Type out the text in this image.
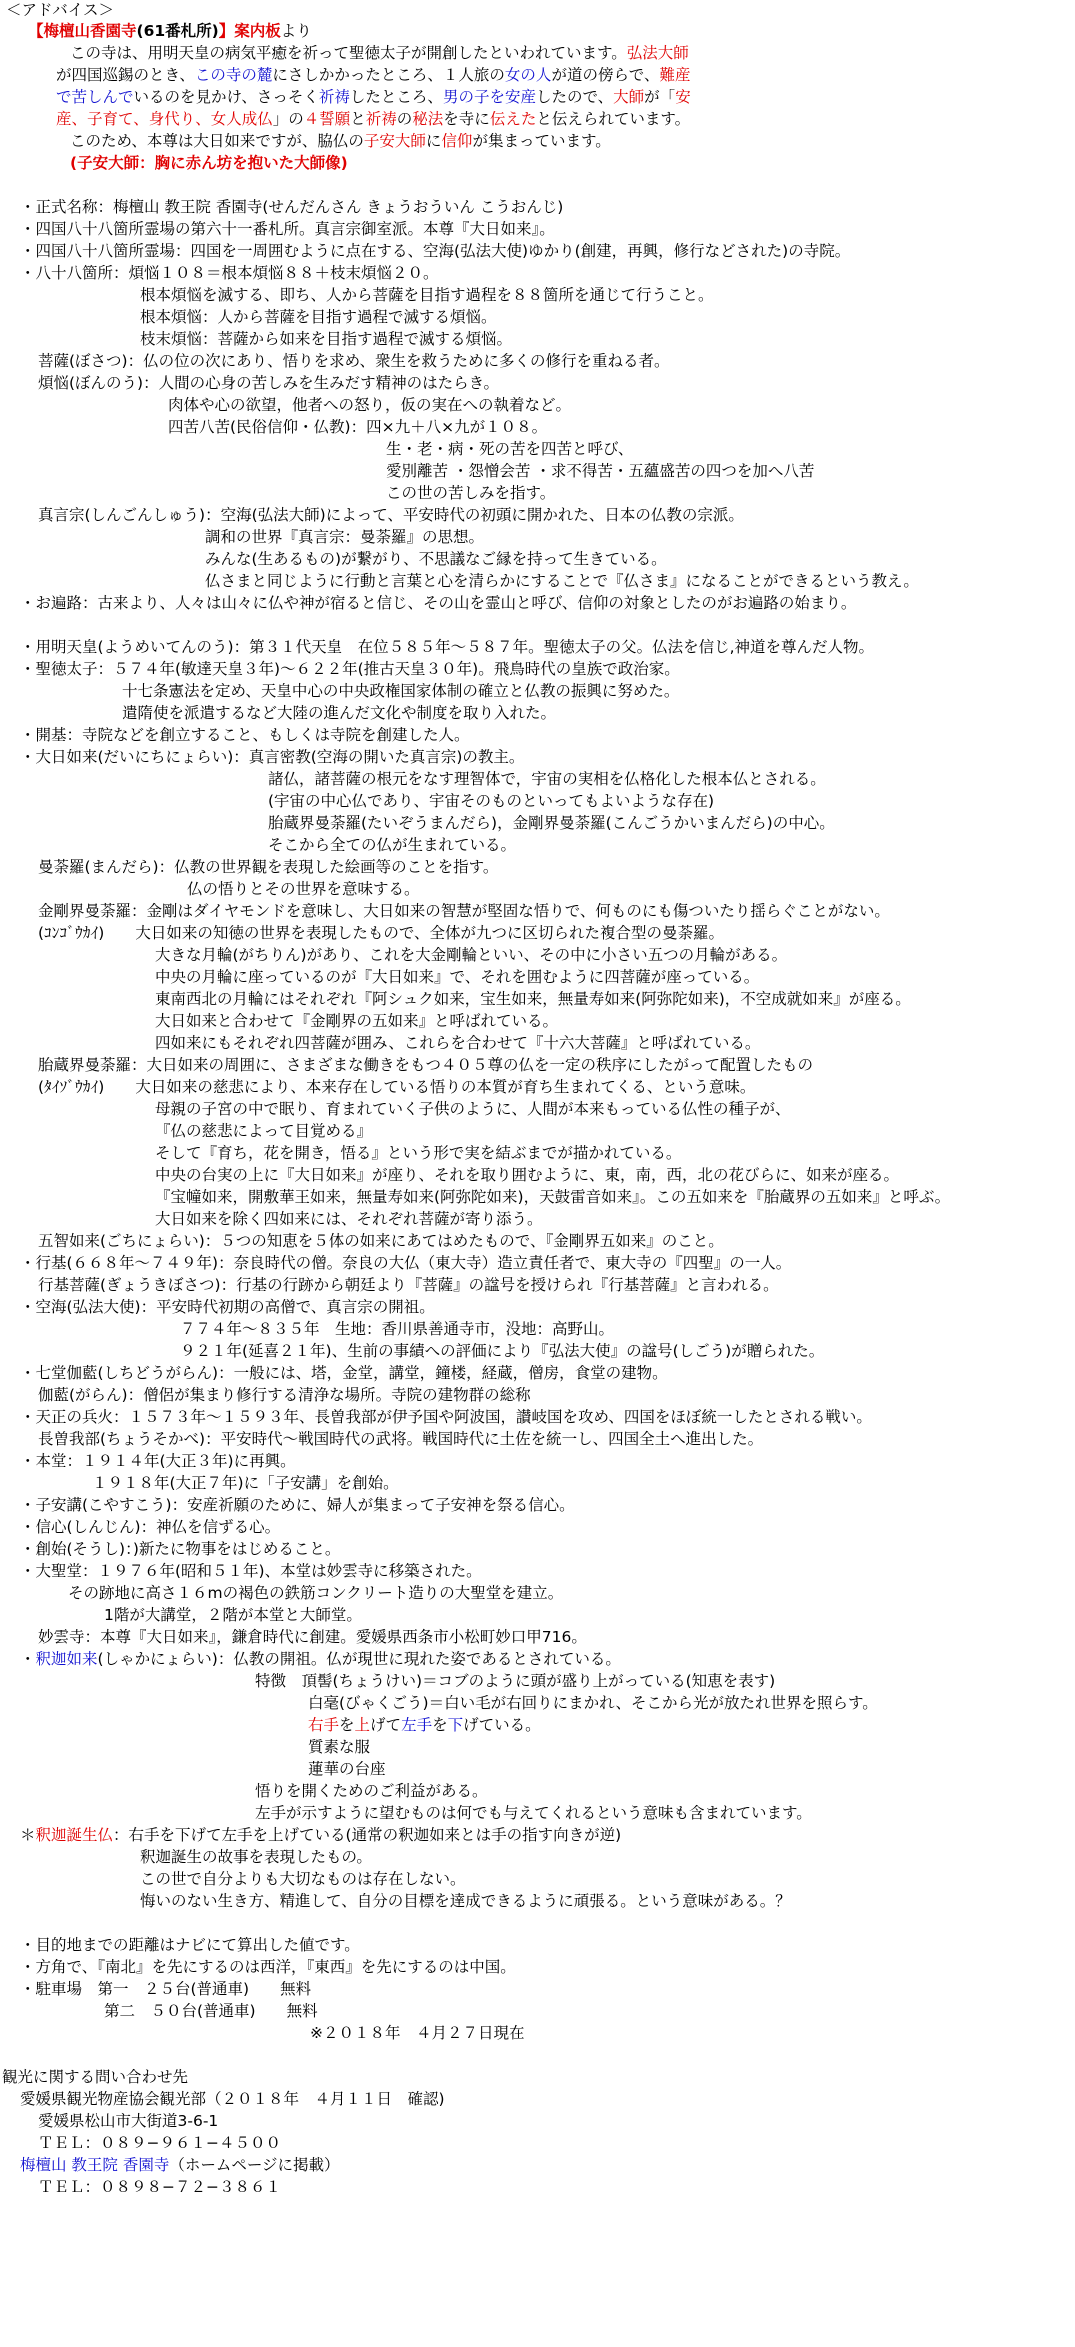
＜アドバイス＞
【梅檀山香園寺(61番札所)】案内板より
この寺は、用明天皇の病気平癒を祈って聖徳太子が開創したといわれています。弘法大師
が四国巡錫のとき、この寺の麓にさしかかったところ、１人旅の女の人が道の傍らで、難産
で苦しんでいるのを見かけ、さっそく祈祷したところ、男の子を安産したので、大師が「安
産、子育て、身代り、女人成仏」の４誓願と祈祷の秘法を寺に伝えたと伝えられています。
このため、本尊は大日如来ですが、脇仏の子安大師に信仰が集まっています。
(子安大師：胸に赤ん坊を抱いた大師像)
・正式名称：梅檀山 教王院 香園寺(せんだんさん きょうおういん こうおんじ)
・四国八十八箇所霊場の第六十一番札所。真言宗御室派。本尊『大日如来』。
・四国八十八箇所霊場：四国を一周囲むように点在する、空海(弘法大使)ゆかり(創建，再興，修行などされた)の寺院。
・八十八箇所：煩悩１０８＝根本煩悩８８＋枝末煩悩２０。
根本煩悩を滅する、即ち、人から菩薩を目指す過程を８８箇所を通じて行うこと。
根本煩悩：人から菩薩を目指す過程で滅する煩悩。
枝末煩悩：菩薩から如来を目指す過程で滅する煩悩。
菩薩(ぼさつ)：仏の位の次にあり、悟りを求め、衆生を救うために多くの修行を重ねる者。
煩悩(ぼんのう)：人間の心身の苦しみを生みだす精神のはたらき。
肉体や心の欲望，他者への怒り，仮の実在への執着など。
四苦八苦(民俗信仰・仏教)：四×九＋八×九が１０８。
生・老・病・死の苦を四苦と呼び、
愛別離苦 ・怨憎会苦 ・求不得苦・五蘊盛苦の四つを加へ八苦
この世の苦しみを指す。
真言宗(しんごんしゅう)：空海(弘法大師)によって、平安時代の初頭に開かれた、日本の仏教の宗派。
調和の世界『真言宗：曼荼羅』の思想。
みんな(生あるもの)が繋がり、不思議なご縁を持って生きている。
仏さまと同じように行動と言葉と心を清らかにすることで『仏さま』になることができるという教え。
・お遍路：古来より、人々は山々に仏や神が宿ると信じ、その山を霊山と呼び、信仰の対象としたのがお遍路の始まり。
・用明天皇(ようめいてんのう)：第３１代天皇　在位５８５年〜５８７年。聖徳太子の父。仏法を信じ,神道を尊んだ人物。
・聖徳太子：５７４年(敏達天皇３年)〜６２２年(推古天皇３０年)。飛鳥時代の皇族で政治家。
十七条憲法を定め、天皇中心の中央政権国家体制の確立と仏教の振興に努めた。
遣隋使を派遣するなど大陸の進んだ文化や制度を取り入れた。
・開基：寺院などを創立すること、もしくは寺院を創建した人。
・大日如来(だいにちにょらい)：真言密教(空海の開いた真言宗)の教主。
諸仏，諸菩薩の根元をなす理智体で，宇宙の実相を仏格化した根本仏とされる。
(宇宙の中心仏であり、宇宙そのものといってもよいような存在)
胎蔵界曼荼羅(たいぞうまんだら)，金剛界曼荼羅(こんごうかいまんだら)の中心。
そこから全ての仏が生まれている。
曼荼羅(まんだら)：仏教の世界観を表現した絵画等のことを指す。
仏の悟りとその世界を意味する。
金剛界曼荼羅：金剛はダイヤモンドを意味し、大日如来の智慧が堅固な悟りで、何ものにも傷ついたり揺らぐことがない。
(ｺﾝｺﾞｳｶｲ)　　大日如来の知徳の世界を表現したもので、全体が九つに区切られた複合型の曼荼羅。
大きな月輪(がちりん)があり、これを大金剛輪といい、その中に小さい五つの月輪がある。
中央の月輪に座っているのが『大日如来』で、それを囲むように四菩薩が座っている。
東南西北の月輪にはそれぞれ『阿シュク如来，宝生如来，無量寿如来(阿弥陀如来)，不空成就如来』が座る。
大日如来と合わせて『金剛界の五如来』と呼ばれている。
四如来にもそれぞれ四菩薩が囲み、これらを合わせて『十六大菩薩』と呼ばれている。
胎蔵界曼荼羅：大日如来の周囲に、さまざまな働きをもつ４０５尊の仏を一定の秩序にしたがって配置したもの
(ﾀｲｿﾞｳｶｲ)　　大日如来の慈悲により、本来存在している悟りの本質が育ち生まれてくる、という意味。
母親の子宮の中で眠り、育まれていく子供のように、人間が本来もっている仏性の種子が、
『仏の慈悲によって目覚める』
そして『育ち，花を開き，悟る』という形で実を結ぶまでが描かれている。
中央の台実の上に『大日如来』が座り、それを取り囲むように、東，南，西，北の花びらに、如来が座る。
『宝幢如来，開敷華王如来，無量寿如来(阿弥陀如来)，天鼓雷音如来』。この五如来を『胎蔵界の五如来』と呼ぶ。
大日如来を除く四如来には、それぞれ菩薩が寄り添う。
五智如来(ごちにょらい)：５つの知恵を５体の如来にあてはめたもので、『金剛界五如来』のこと。
・行基(６６８年〜７４９年)：奈良時代の僧。奈良の大仏（東大寺）造立責任者で、東大寺の『四聖』の一人。
行基菩薩(ぎょうきぼさつ)：行基の行跡から朝廷より『菩薩』の諡号を授けられ『行基菩薩』と言われる。
・空海(弘法大使)：平安時代初期の高僧で、真言宗の開祖。
７７４年〜８３５年　生地：香川県善通寺市，没地：高野山。
９２１年(延喜２１年)、生前の事績への評価により『弘法大使』の諡号(しごう)が贈られた。
・七堂伽藍(しちどうがらん)：一般には、塔，金堂，講堂，鐘楼，経蔵，僧房，食堂の建物。
伽藍(がらん)：僧侶が集まり修行する清浄な場所。寺院の建物群の総称
・天正の兵火：１５７３年〜１５９３年、長曽我部が伊予国や阿波国，讃岐国を攻め、四国をほぼ統一したとされる戦い。
長曽我部(ちょうそかべ)：平安時代〜戦国時代の武将。戦国時代に土佐を統一し、四国全土へ進出した。
・本堂：１９１４年(大正３年)に再興。
１９１８年(大正７年)に「子安講」を創始。
・子安講(こやすこう)：安産祈願のために、婦人が集まって子安神を祭る信心。
・信心(しんじん)：神仏を信ずる心。
・創始(そうし)：)新たに物事をはじめること。
・大聖堂：１９７６年(昭和５１年)、本堂は妙雲寺に移築された。
その跡地に高さ１６mの褐色の鉄筋コンクリート造りの大聖堂を建立。
1階が大講堂，２階が本堂と大師堂。
妙雲寺：本尊『大日如来』，鎌倉時代に創建。愛媛県西条市小松町妙口甲716。
・釈迦如来(しゃかにょらい)：仏教の開祖。仏が現世に現れた姿であるとされている。
特徴　頂髻(ちょうけい)＝コブのように頭が盛り上がっている(知恵を表す)
白毫(びゃくごう)＝白い毛が右回りにまかれ、そこから光が放たれ世界を照らす。
右手を上げて左手を下げている。
質素な服
蓮華の台座
悟りを開くためのご利益がある。
左手が示すように望むものは何でも与えてくれるという意味も含まれています。
＊釈迦誕生仏：右手を下げて左手を上げている(通常の釈迦如来とは手の指す向きが逆)
釈迦誕生の故事を表現したもの。
この世で自分よりも大切なものは存在しない。
悔いのない生き方、精進して、自分の目標を達成できるように頑張る。という意味がある。？
・目的地までの距離はナビにて算出した値です。
・方角で、『南北』を先にするのは西洋，『東西』を先にするのは中国。
・駐車場　第一　２５台(普通車)　　無料
第二　５０台(普通車)　　無料
※２０１８年　４月２７日現在
観光に関する問い合わせ先
愛媛県観光物産協会観光部（２０１８年　４月１１日　確認)
愛媛県松山市大街道3-6-1
ＴＥＬ：０８９−９６１−４５００
梅檀山 教王院 香園寺（ホームページに掲載）
ＴＥＬ：０８９８−７２−３８６１
